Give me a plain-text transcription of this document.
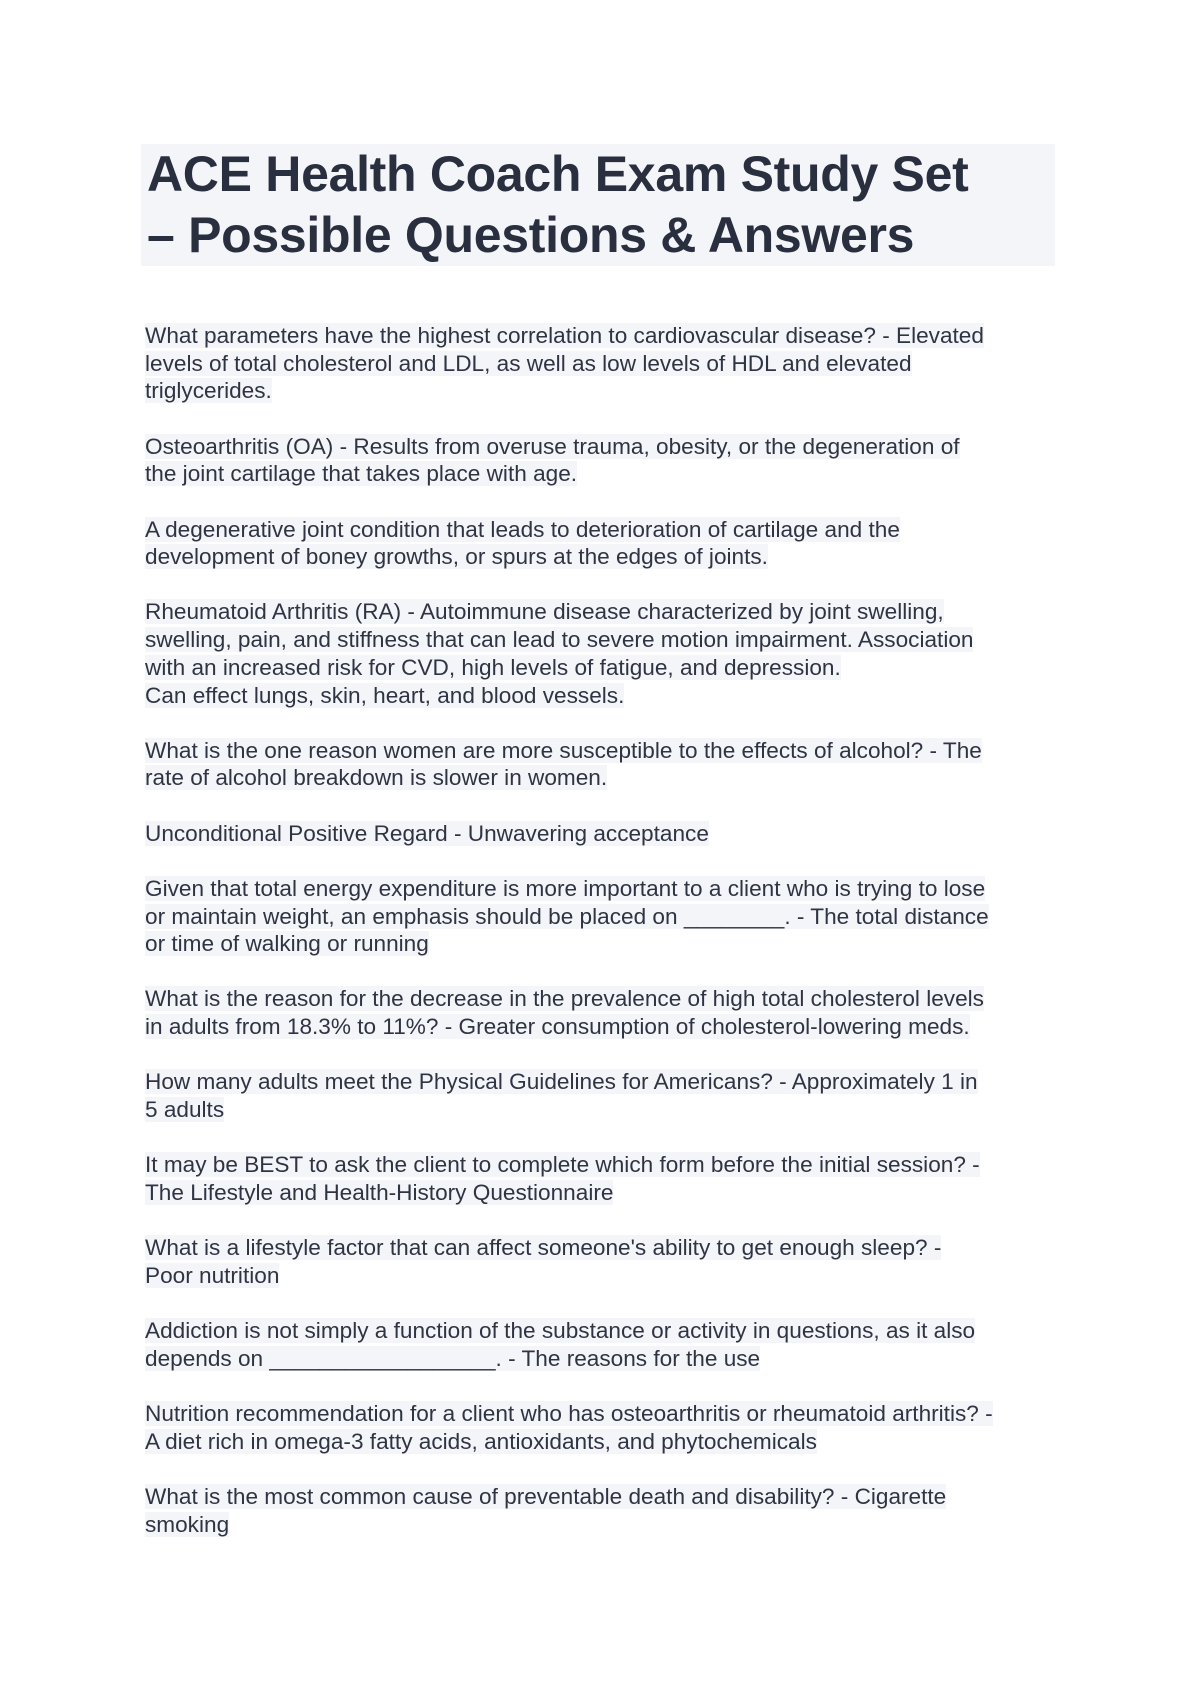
ACE Health Coach Exam Study Set
– Possible Questions & Answers
What parameters have the highest correlation to cardiovascular disease? - Elevated
levels of total cholesterol and LDL, as well as low levels of HDL and elevated
triglycerides.
Osteoarthritis (OA) - Results from overuse trauma, obesity, or the degeneration of
the joint cartilage that takes place with age.
A degenerative joint condition that leads to deterioration of cartilage and the
development of boney growths, or spurs at the edges of joints.
Rheumatoid Arthritis (RA) - Autoimmune disease characterized by joint swelling,
swelling, pain, and stiffness that can lead to severe motion impairment. Association
with an increased risk for CVD, high levels of fatigue, and depression.
Can effect lungs, skin, heart, and blood vessels.
What is the one reason women are more susceptible to the effects of alcohol? - The
rate of alcohol breakdown is slower in women.
Unconditional Positive Regard - Unwavering acceptance
Given that total energy expenditure is more important to a client who is trying to lose
or maintain weight, an emphasis should be placed on ________. - The total distance
or time of walking or running
What is the reason for the decrease in the prevalence of high total cholesterol levels
in adults from 18.3% to 11%? - Greater consumption of cholesterol-lowering meds.
How many adults meet the Physical Guidelines for Americans? - Approximately 1 in
5 adults
It may be BEST to ask the client to complete which form before the initial session? -
The Lifestyle and Health-History Questionnaire
What is a lifestyle factor that can affect someone's ability to get enough sleep? -
Poor nutrition
Addiction is not simply a function of the substance or activity in questions, as it also
depends on __________________. - The reasons for the use
Nutrition recommendation for a client who has osteoarthritis or rheumatoid arthritis? -
A diet rich in omega-3 fatty acids, antioxidants, and phytochemicals
What is the most common cause of preventable death and disability? - Cigarette
smoking
